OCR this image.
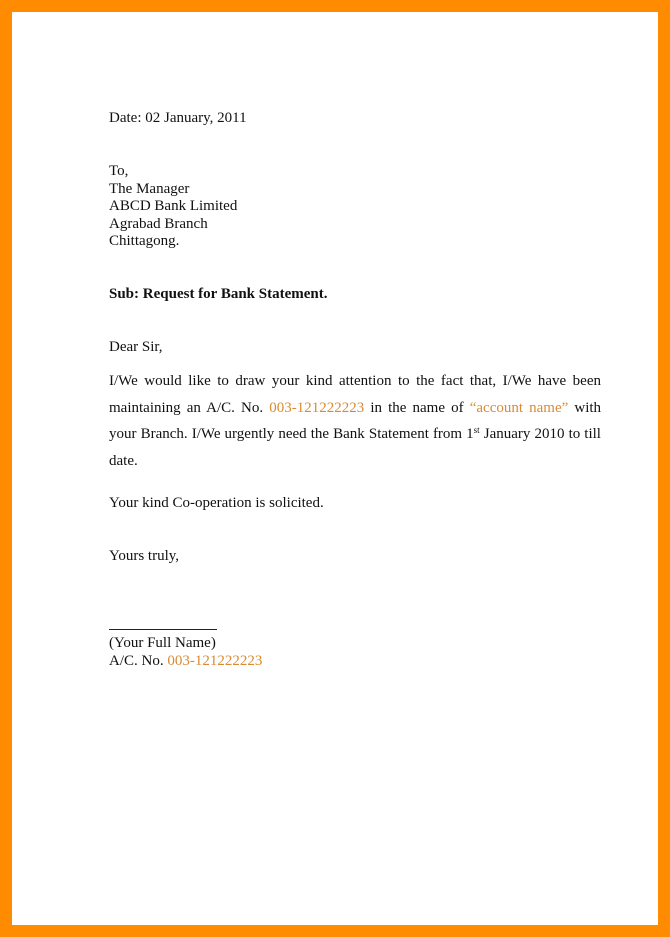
Date: 02 January, 2011

To,

The Manager

ABCD Bank Limited

Agrabad Branch

Chittagong.

Sub: Request for Bank Statement.

Dear Sir,

I/We would like to draw your kind attention to the fact that, I/We have been maintaining an A/C. No. 003-121222223 in the name of “account name” with your Branch. I/We urgently need the Bank Statement from 1st January 2010 to till date.

Your kind Co-operation is solicited.

Yours truly,

(Your Full Name)

A/C. No. 003-121222223
